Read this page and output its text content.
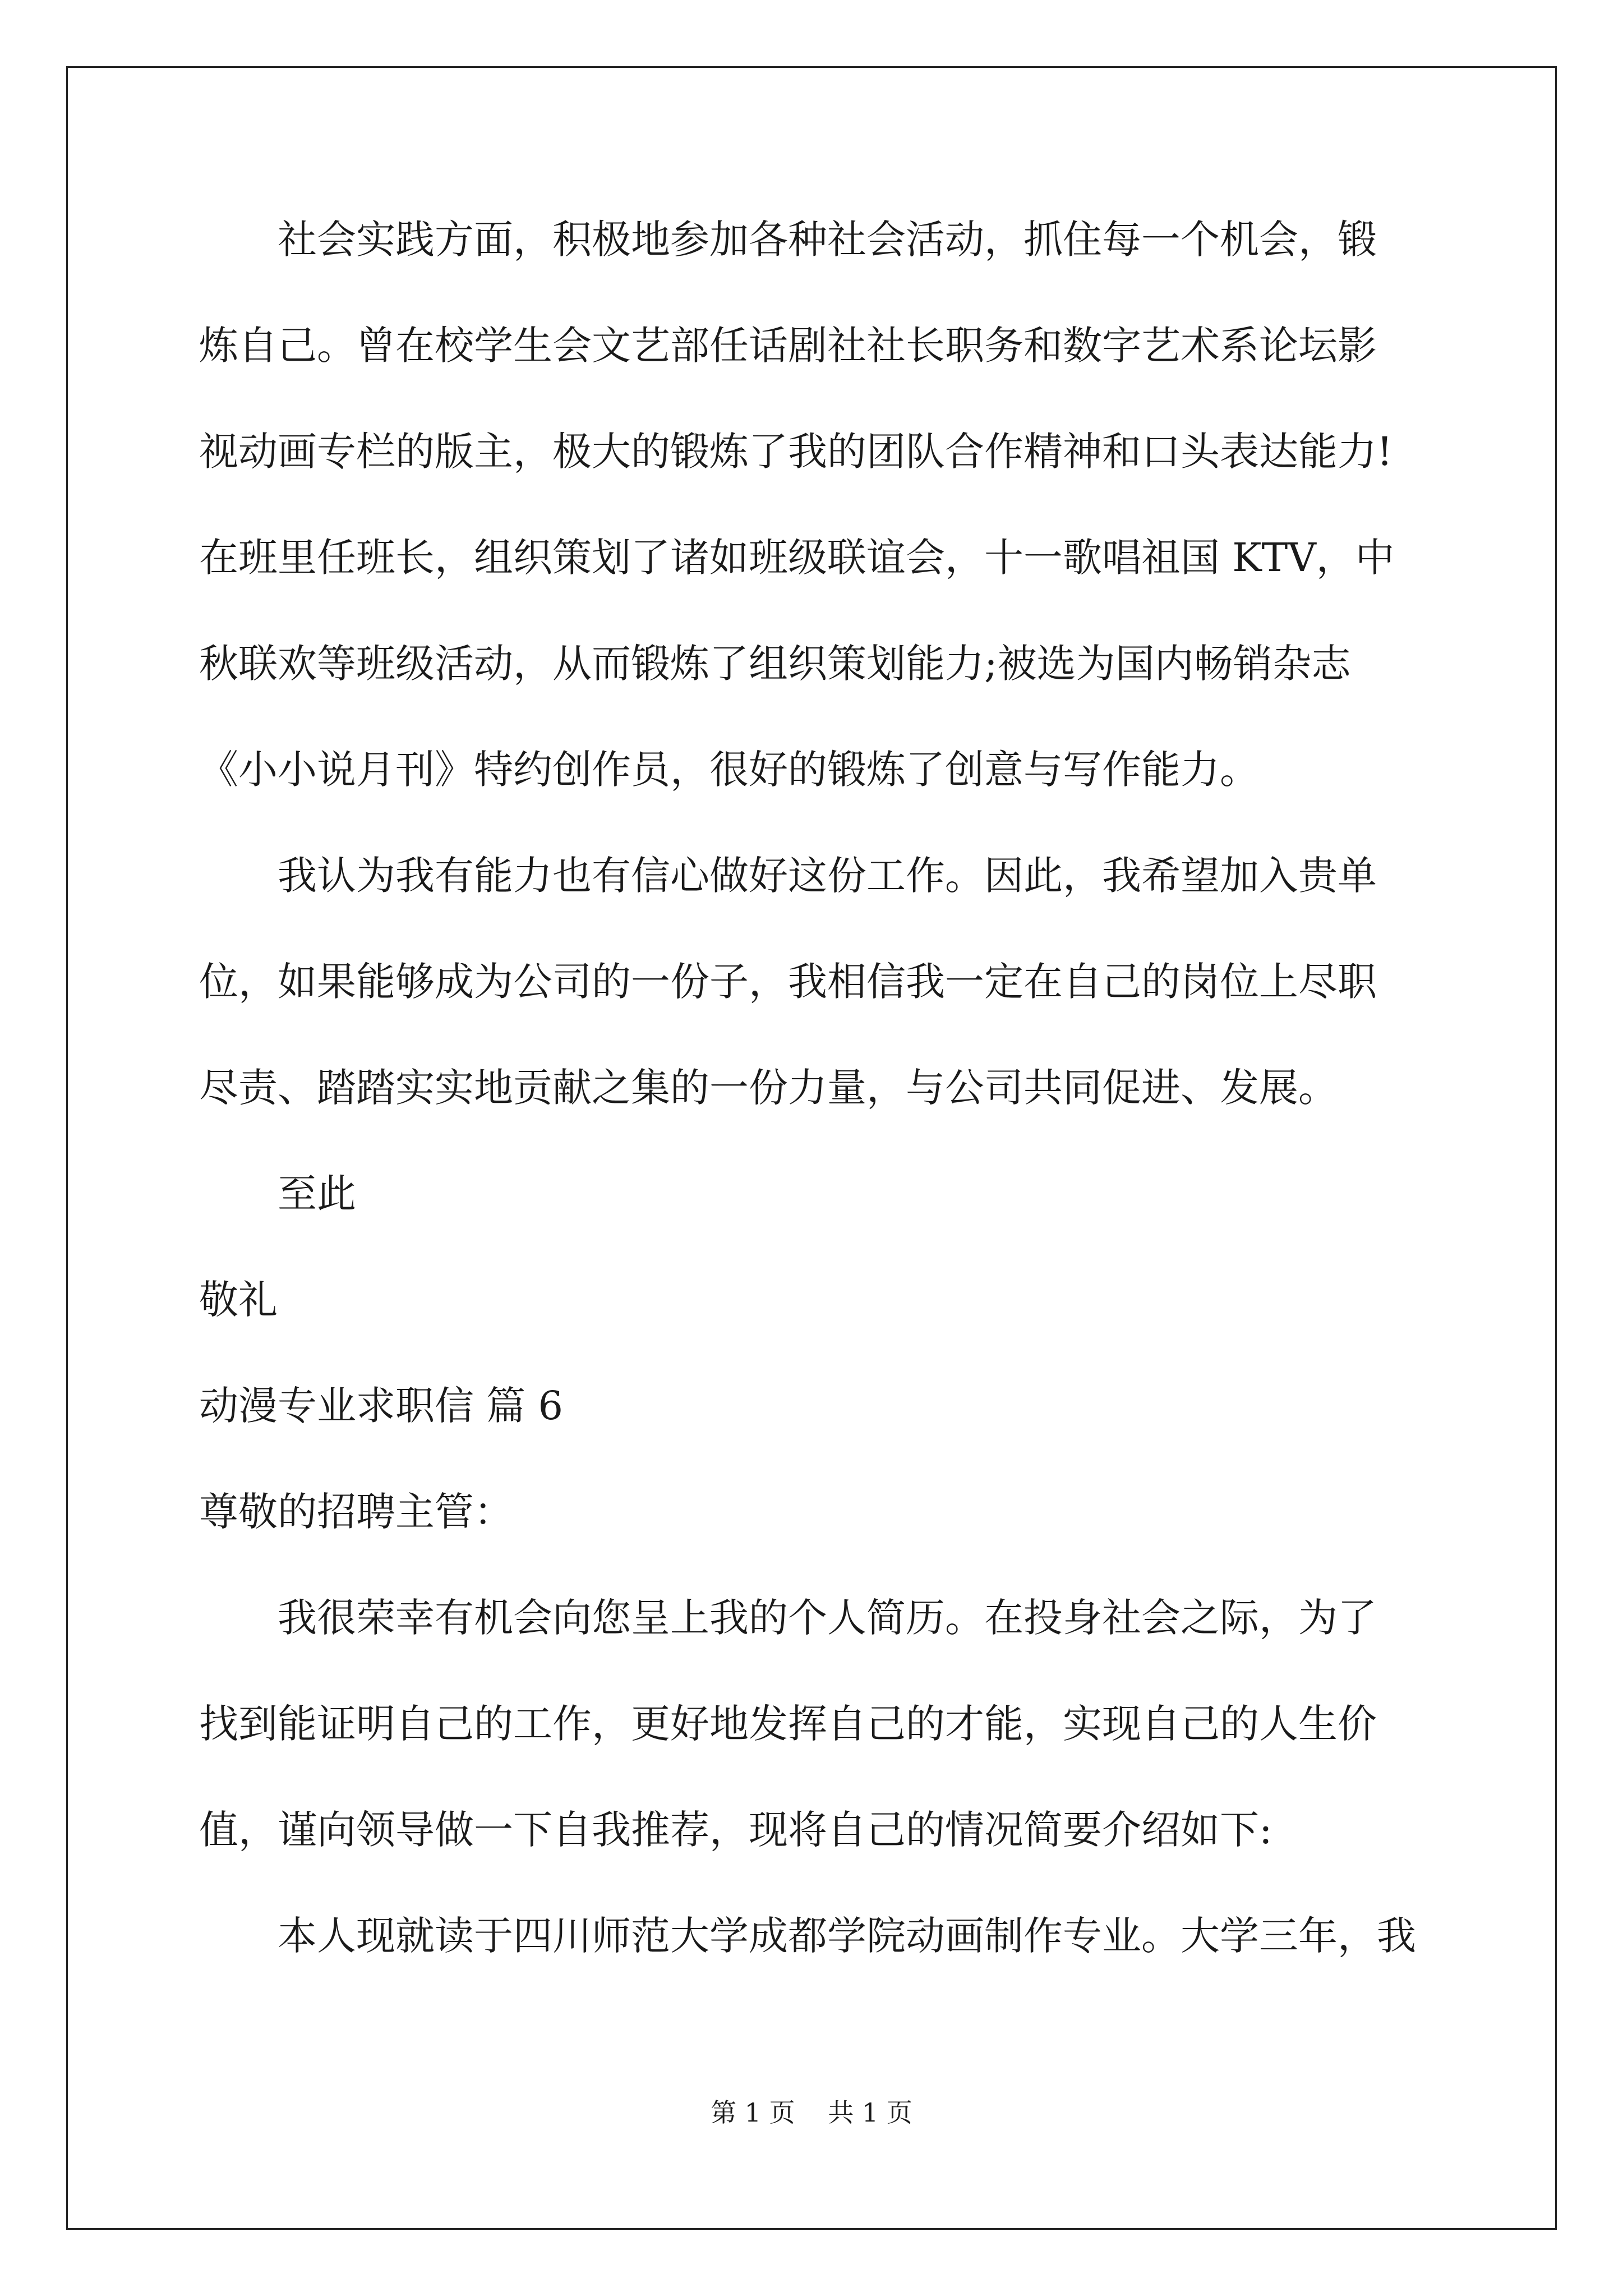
社会实践方面，积极地参加各种社会活动，抓住每一个机会，锻
炼自己。曾在校学生会文艺部任话剧社社长职务和数字艺术系论坛影
视动画专栏的版主，极大的锻炼了我的团队合作精神和口头表达能力!
在班里任班长，组织策划了诸如班级联谊会，十一歌唱祖国 KTV，中
秋联欢等班级活动，从而锻炼了组织策划能力;被选为国内畅销杂志
《小小说月刊》特约创作员，很好的锻炼了创意与写作能力。
我认为我有能力也有信心做好这份工作。因此，我希望加入贵单
位，如果能够成为公司的一份子，我相信我一定在自己的岗位上尽职
尽责、踏踏实实地贡献之集的一份力量，与公司共同促进、发展。
至此
敬礼
动漫专业求职信 篇 6
尊敬的招聘主管：
我很荣幸有机会向您呈上我的个人简历。在投身社会之际，为了
找到能证明自己的工作，更好地发挥自己的才能，实现自己的人生价
值，谨向领导做一下自我推荐，现将自己的情况简要介绍如下:
本人现就读于四川师范大学成都学院动画制作专业。大学三年，我
第 1 页 共 1 页
